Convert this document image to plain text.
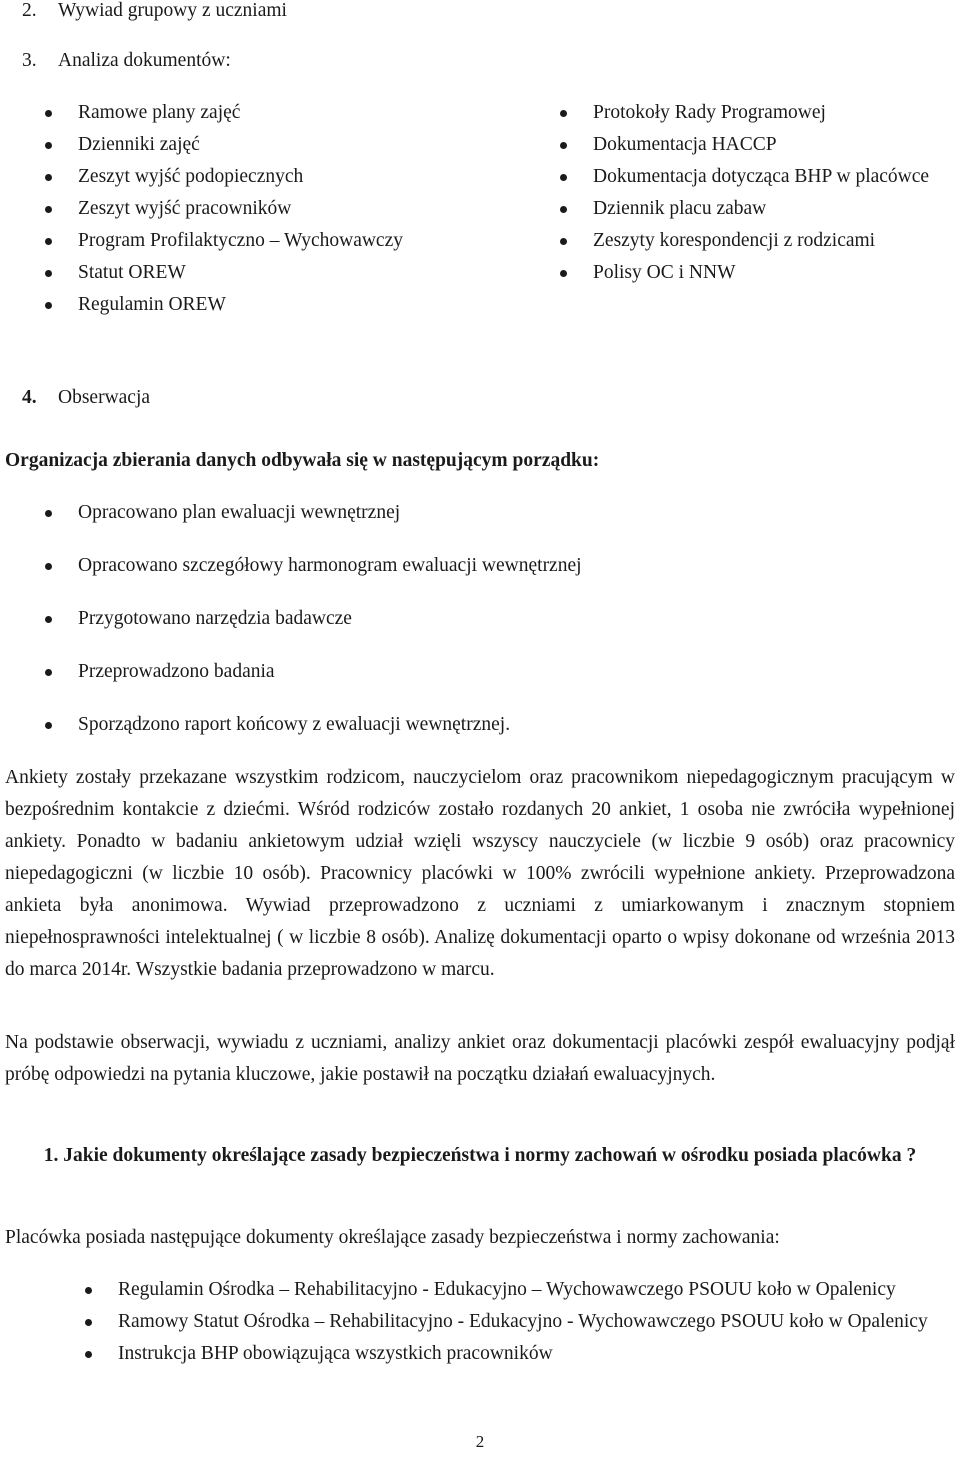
2. Wywiad grupowy z uczniami
3. Analiza dokumentów:
Ramowe plany zajęć
Dzienniki zajęć
Zeszyt wyjść podopiecznych
Zeszyt wyjść pracowników
Program Profilaktyczno – Wychowawczy
Statut OREW
Regulamin OREW
Protokoły Rady Programowej
Dokumentacja HACCP
Dokumentacja dotycząca BHP w placówce
Dziennik placu zabaw
Zeszyty korespondencji z rodzicami
Polisy OC i NNW
4. Obserwacja
Organizacja zbierania danych odbywała się w następującym porządku:
Opracowano plan ewaluacji wewnętrznej
Opracowano szczegółowy harmonogram ewaluacji wewnętrznej
Przygotowano narzędzia badawcze
Przeprowadzono badania
Sporządzono raport końcowy z ewaluacji wewnętrznej.

Ankiety zostały przekazane wszystkim rodzicom, nauczycielom oraz pracownikom niepedagogicznym pracującym w bezpośrednim kontakcie z dziećmi. Wśród rodziców zostało rozdanych 20 ankiet, 1 osoba nie zwróciła wypełnionej ankiety. Ponadto w badaniu ankietowym udział wzięli wszyscy nauczyciele (w liczbie 9 osób) oraz pracownicy niepedagogiczni (w liczbie 10 osób). Pracownicy placówki w 100% zwrócili wypełnione ankiety. Przeprowadzona ankieta była anonimowa. Wywiad przeprowadzono z uczniami z umiarkowanym i znacznym stopniem niepełnosprawności intelektualnej ( w liczbie 8 osób). Analizę dokumentacji oparto o wpisy dokonane od września 2013 do marca 2014r. Wszystkie badania przeprowadzono w marcu.

Na podstawie obserwacji, wywiadu z uczniami, analizy ankiet oraz dokumentacji placówki zespół ewaluacyjny podjął próbę odpowiedzi na pytania kluczowe, jakie postawił na początku działań ewaluacyjnych.

1. Jakie dokumenty określające zasady bezpieczeństwa i normy zachowań w ośrodku posiada placówka ?

Placówka posiada następujące dokumenty określające zasady bezpieczeństwa i normy zachowania:

Regulamin Ośrodka – Rehabilitacyjno - Edukacyjno – Wychowawczego PSOUU koło w Opalenicy
Ramowy Statut Ośrodka – Rehabilitacyjno - Edukacyjno - Wychowawczego PSOUU koło w Opalenicy
Instrukcja BHP obowiązująca wszystkich pracowników
2
